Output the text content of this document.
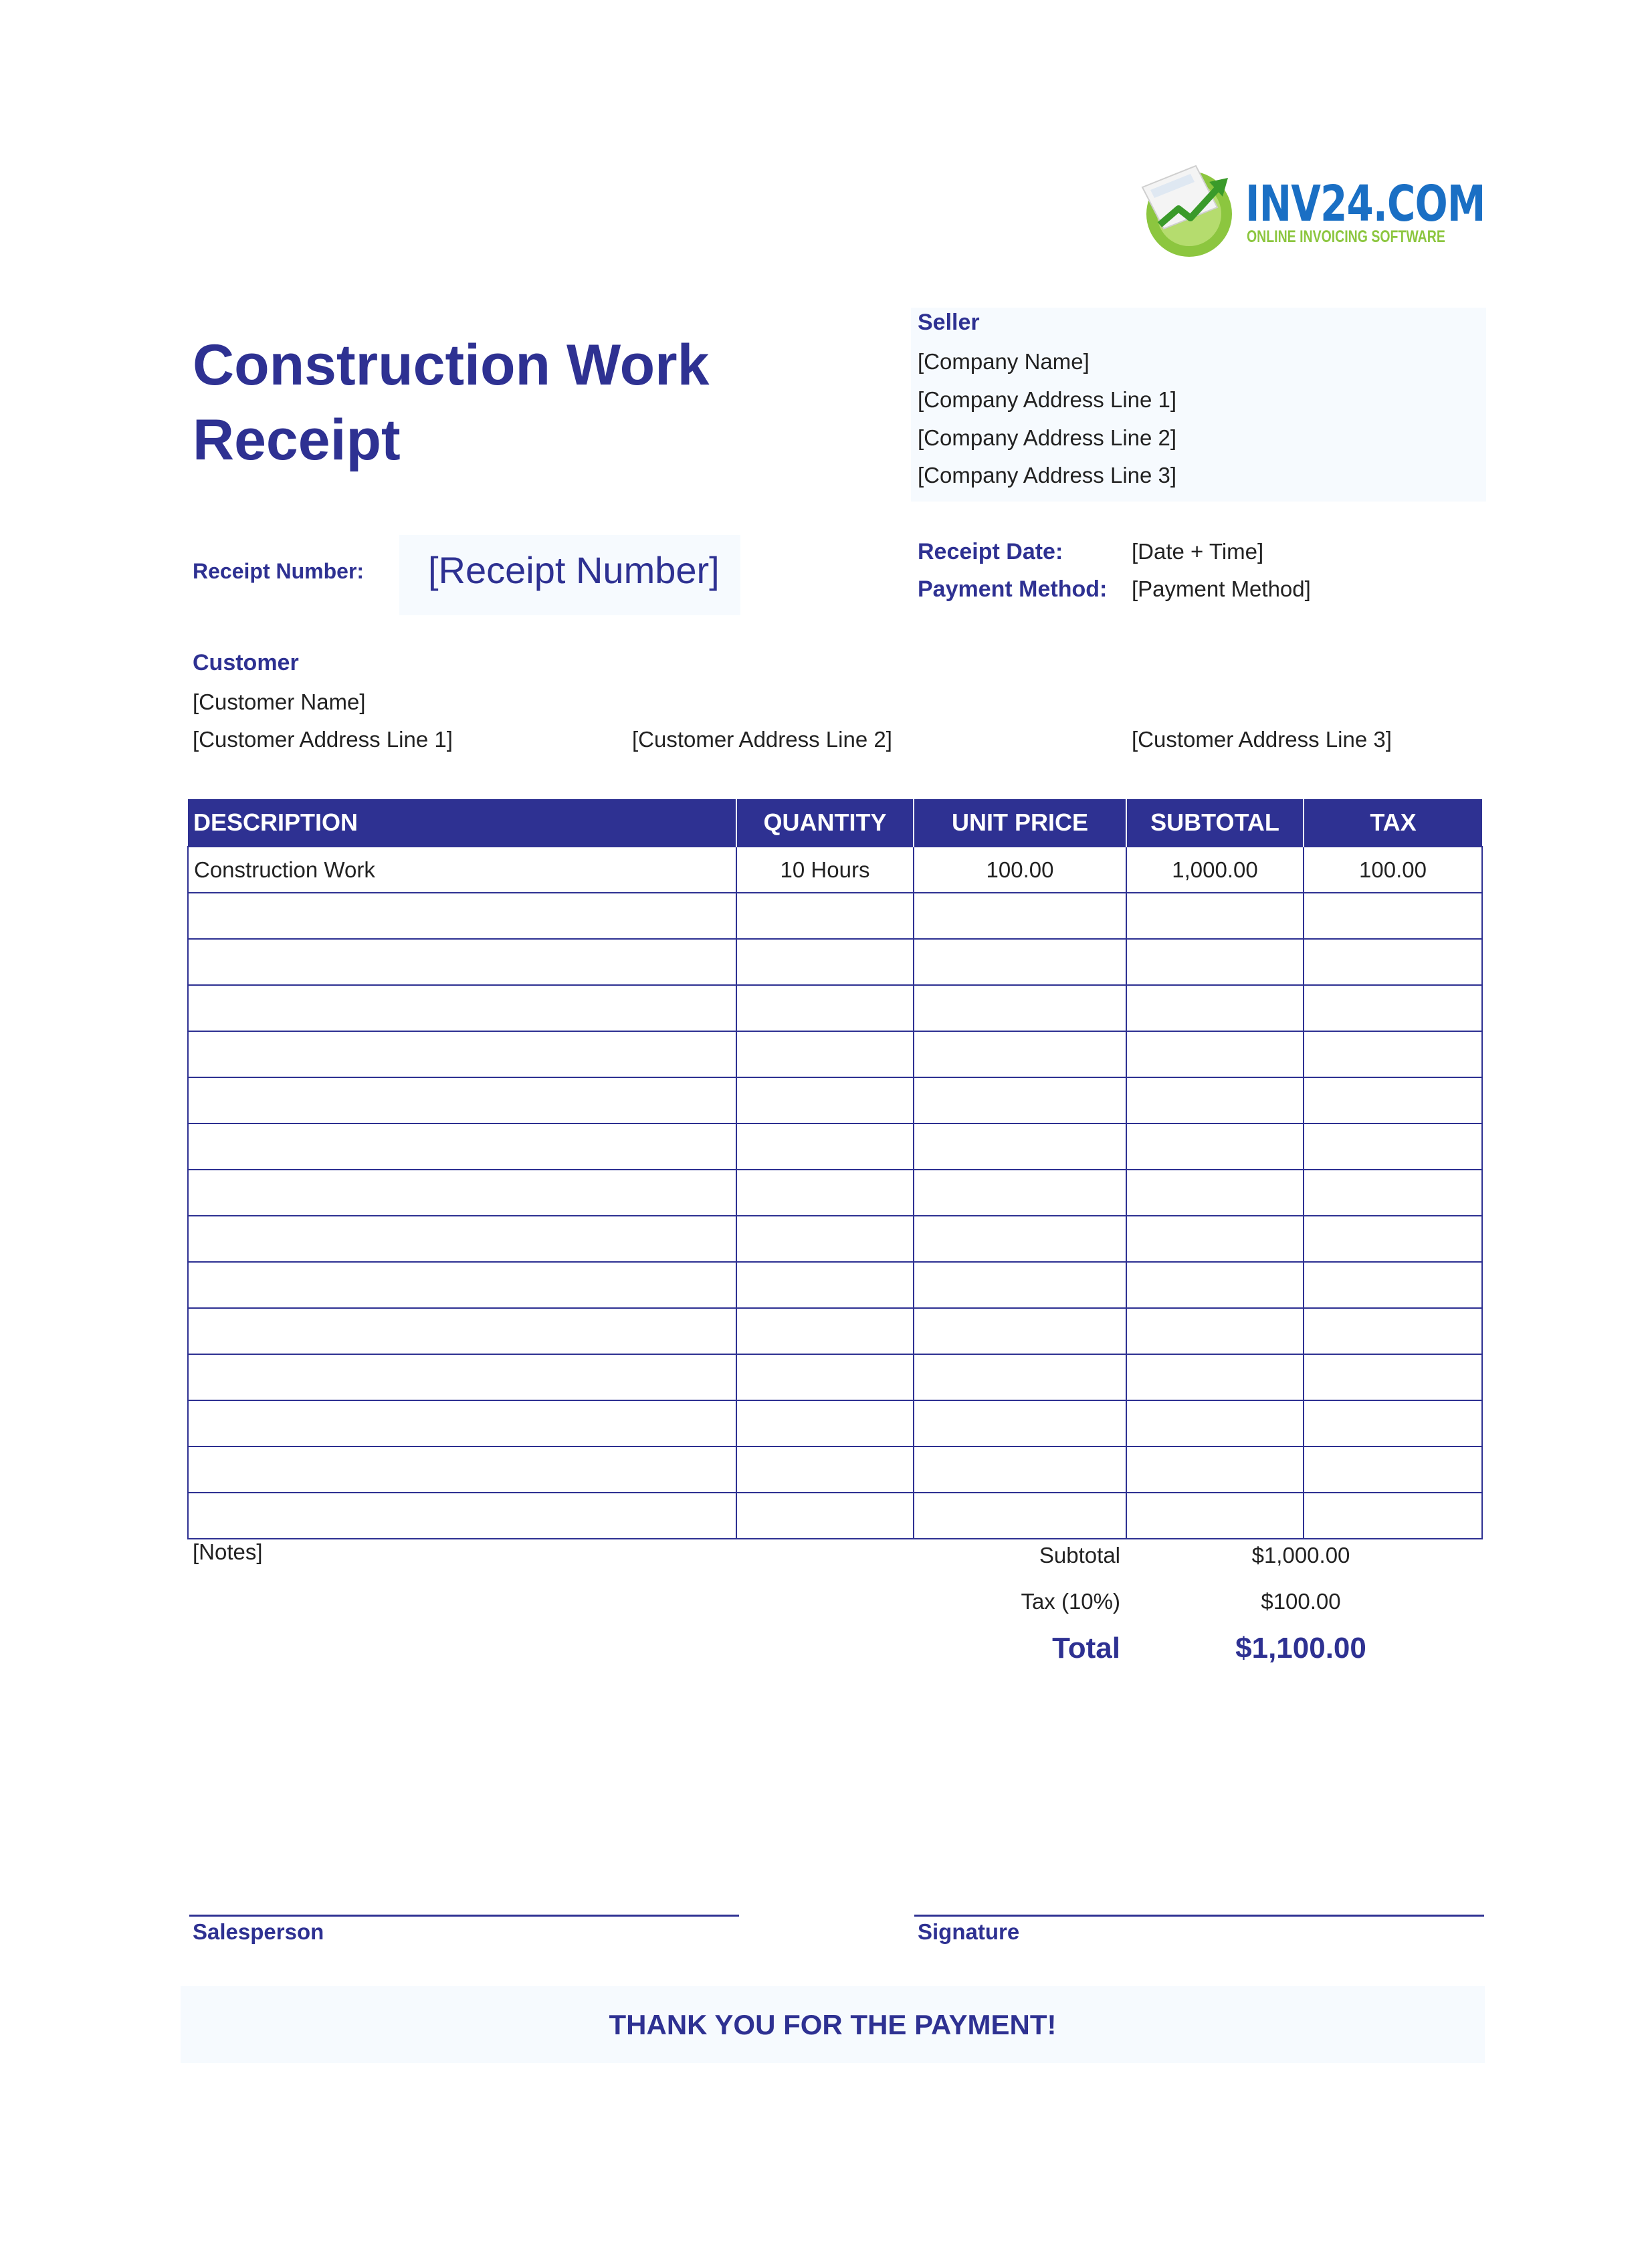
INV24.COM
ONLINE INVOICING SOFTWARE
Construction Work
Receipt
Seller
[Company Name]
[Company Address Line 1]
[Company Address Line 2]
[Company Address Line 3]
Receipt Number: [Receipt Number]	Receipt Date:	[Date + Time]
Payment Method: [Payment Method]
Customer
[Customer Name]
[Customer Address Line 1]	[Customer Address Line 2]	[Customer Address Line 3]
DESCRIPTION	QUANTITY	UNIT PRICE	SUBTOTAL	TAX
Construction Work	10 Hours	100.00	1,000.00	100.00

[Notes]	Subtotal	$1,000.00
Tax (10%)	$100.00
Total	$1,100.00
Salesperson	Signature
THANK YOU FOR THE PAYMENT!
